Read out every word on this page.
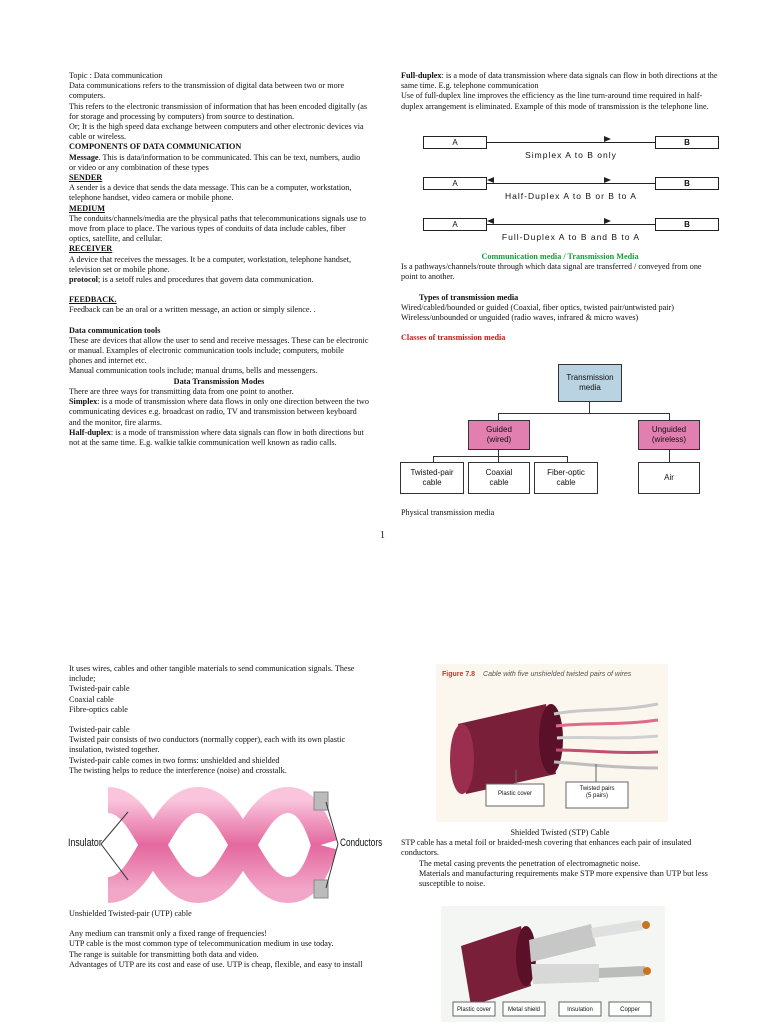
Topic : Data communication
Data communications refers to the transmission of digital data between two or more computers.
This refers to the electronic transmission of information that has been encoded digitally (as for storage and processing by computers) from source to destination.
Or; It is the high speed data exchange between computers and other electronic devices via cable or wireless.
COMPONENTS OF DATA COMMUNICATION
Message. This is data/information to be communicated. This can be text, numbers, audio or video or any combination of these types
SENDER
A sender is a device that sends the data message. This can be a computer, workstation, telephone handset, video camera or mobile phone.
MEDIUM
The conduits/channels/media are the physical paths that telecommunications signals use to move from place to place. The various types of conduits of data include cables, fiber optics, satellite, and cellular.
RECEIVER
A device that receives the messages. It be a computer, workstation, telephone handset, television set or mobile phone.
protocol; is a setoff rules and procedures that govern data communication.
FEEDBACK.
Feedback can be an oral or a written message, an action or simply silence. .
Data communication tools
These are devices that allow the user to send and receive messages. These can be electronic or manual. Examples of electronic communication tools include; computers, mobile phones and internet etc.
Manual communication tools include; manual drums, bells and messengers.
Data Transmission Modes
There are three ways for transmitting data from one point to another.
Simplex: is a mode of transmission where data flows in only one direction between the two communicating devices e.g. broadcast on radio, TV and transmission between keyboard and the monitor, fire alarms.
Half-duplex: is a mode of transmission where data signals can flow in both directions but not at the same time. E.g. walkie talkie communication well known as radio calls.
Full-duplex: is a mode of data transmission where data signals can flow in both directions at the same time. E.g. telephone communication
Use of full-duplex line improves the efficiency as the line turn-around time required in half-duplex arrangement is eliminated. Example of this mode of transmission is the telephone line.
A	B
Simplex A to B only
A	B
Half-Duplex A to B or B to A
A	B
Full-Duplex A to B and B to A
Communication media / Transmission Media
Is a pathways/channels/route through which data signal are transferred / conveyed from one point to another.
Types of transmission media
Wired/cabled/bounded or guided (Coaxial, fiber optics, twisted pair/untwisted pair)
Wireless/unbounded or unguided (radio waves, infrared & micro waves)
Classes of transmission media
Transmission
media
Guided
(wired)
Unguided
(wireless)
Twisted-pair
cable
Coaxial
cable
Fiber-optic
cable
Air
Physical transmission media
1
It uses wires, cables and other tangible materials to send communication signals. These include;
Twisted-pair cable
Coaxial cable
Fibre-optics cable
Twisted-pair cable
Twisted pair consists of two conductors (normally copper), each with its own plastic insulation, twisted together.
Twisted-pair cable comes in two forms: unshielded and shielded
The twisting helps to reduce the interference (noise) and crosstalk.
Insulator	Conductors
Unshielded Twisted-pair (UTP) cable
Any medium can transmit only a fixed range of frequencies!
UTP cable is the most common type of telecommunication medium in use today.
The range is suitable for transmitting both data and video.
Advantages of UTP are its cost and ease of use. UTP is cheap, flexible, and easy to install
Figure 7.8 Cable with five unshielded twisted pairs of wires
Plastic cover
Twisted pairs
(5 pairs)
Shielded Twisted (STP) Cable
STP cable has a metal foil or braided-mesh covering that enhances each pair of insulated conductors.
The metal casing prevents the penetration of electromagnetic noise.
Materials and manufacturing requirements make STP more expensive than UTP but less susceptible to noise.
Plastic cover	Metal shield	Insulation	Copper
